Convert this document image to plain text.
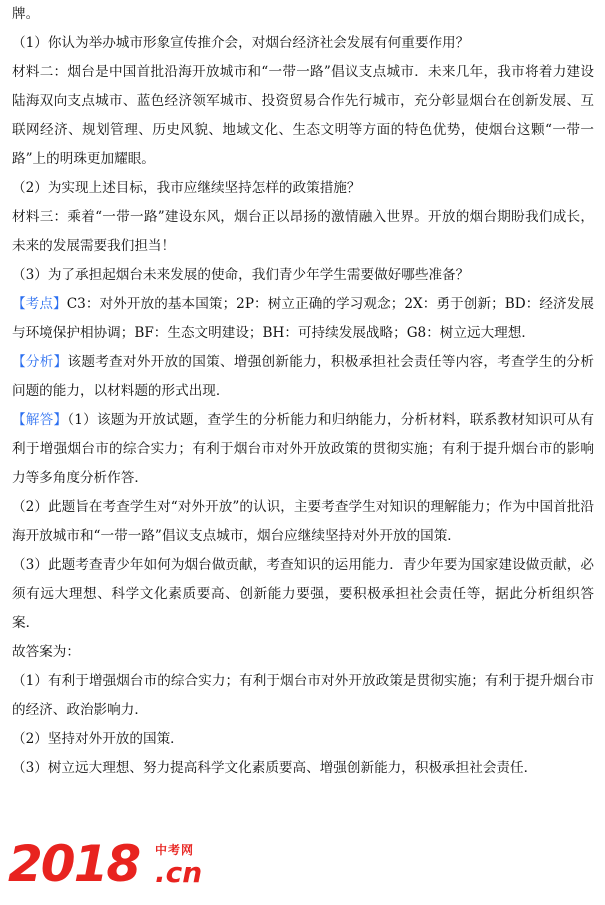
牌。

（1）你认为举办城市形象宣传推介会，对烟台经济社会发展有何重要作用？

材料二：烟台是中国首批沿海开放城市和“一带一路”倡议支点城市．未来几年，我市将着力建设陆海双向支点城市、蓝色经济领军城市、投资贸易合作先行城市，充分彰显烟台在创新发展、互联网经济、规划管理、历史风貌、地域文化、生态文明等方面的特色优势，使烟台这颗“一带一路”上的明珠更加耀眼。

（2）为实现上述目标，我市应继续坚持怎样的政策措施？

材料三：乘着“一带一路”建设东风，烟台正以昂扬的激情融入世界。开放的烟台期盼我们成长，未来的发展需要我们担当！

（3）为了承担起烟台未来发展的使命，我们青少年学生需要做好哪些准备？

【考点】C3：对外开放的基本国策；2P：树立正确的学习观念；2X：勇于创新；BD：经济发展与环境保护相协调；BF：生态文明建设；BH：可持续发展战略；G8：树立远大理想．

【分析】该题考查对外开放的国策、增强创新能力，积极承担社会责任等内容，考查学生的分析问题的能力，以材料题的形式出现．

【解答】（1）该题为开放试题，查学生的分析能力和归纳能力，分析材料，联系教材知识可从有利于增强烟台市的综合实力；有利于烟台市对外开放政策的贯彻实施；有利于提升烟台市的影响力等多角度分析作答．

（2）此题旨在考查学生对“对外开放”的认识，主要考查学生对知识的理解能力；作为中国首批沿海开放城市和“一带一路”倡议支点城市，烟台应继续坚持对外开放的国策．

（3）此题考查青少年如何为烟台做贡献，考查知识的运用能力．青少年要为国家建设做贡献，必须有远大理想、科学文化素质要高、创新能力要强，要积极承担社会责任等，据此分析组织答案．

故答案为：

（1）有利于增强烟台市的综合实力；有利于烟台市对外开放政策是贯彻实施；有利于提升烟台市的经济、政治影响力．

（2）坚持对外开放的国策．

（3）树立远大理想、努力提高科学文化素质要高、增强创新能力，积极承担社会责任．

2018 中考网
.cn
